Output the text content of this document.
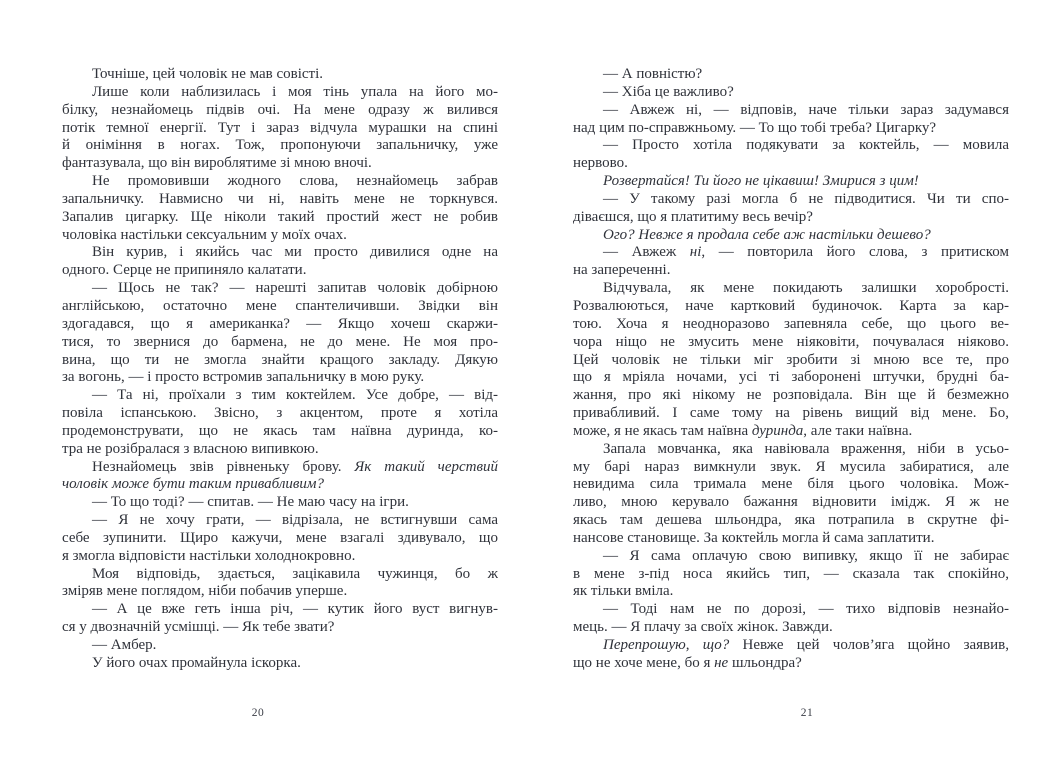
Точніше, цей чоловік не мав совісті.
Лише коли наблизилась і моя тінь упала на його мо-
білку, незнайомець підвів очі. На мене одразу ж вилився
потік темної енергії. Тут і зараз відчула мурашки на спині
й оніміння в ногах. Тож, пропонуючи запальничку, уже
фантазувала, що він вироблятиме зі мною вночі.
Не промовивши жодного слова, незнайомець забрав
запальничку. Навмисно чи ні, навіть мене не торкнувся.
Запалив цигарку. Ще ніколи такий простий жест не робив
чоловіка настільки сексуальним у моїх очах.
Він курив, і якийсь час ми просто дивилися одне на
одного. Серце не припиняло калатати.
— Щось не так? — нарешті запитав чоловік добірною
англійською, остаточно мене спантеличивши. Звідки він
здогадався, що я американка? — Якщо хочеш скаржи-
тися, то звернися до бармена, не до мене. Не моя про-
вина, що ти не змогла знайти кращого закладу. Дякую
за вогонь, — і просто встромив запальничку в мою руку.
— Та ні, проїхали з тим коктейлем. Усе добре, — від-
повіла іспанською. Звісно, з акцентом, проте я хотіла
продемонструвати, що не якась там наївна дуринда, ко-
тра не розібралася з власною випивкою.
Незнайомець звів рівненьку брову. Як такий черствий
чоловік може бути таким привабливим?
— То що тоді? — спитав. — Не маю часу на ігри.
— Я не хочу грати, — відрізала, не встигнувши сама
себе зупинити. Щиро кажучи, мене взагалі здивувало, що
я змогла відповісти настільки холоднокровно.
Моя відповідь, здається, зацікавила чужинця, бо ж
зміряв мене поглядом, ніби побачив уперше.
— А це вже геть інша річ, — кутик його вуст вигнув-
ся у двозначній усмішці. — Як тебе звати?
— Амбер.
У його очах промайнула іскорка.
— А повністю?
— Хіба це важливо?
— Авжеж ні, — відповів, наче тільки зараз задумався
над цим по-справжньому. — То що тобі треба? Цигарку?
— Просто хотіла подякувати за коктейль, — мовила
нервово.
Розвертайся! Ти його не цікавиш! Змирися з цим!
— У такому разі могла б не підводитися. Чи ти спо-
діваєшся, що я платитиму весь вечір?
Ого? Невже я продала себе аж настільки дешево?
— Авжеж ні, — повторила його слова, з притиском
на запереченні.
Відчувала, як мене покидають залишки хоробрості.
Розвалюються, наче картковий будиночок. Карта за кар-
тою. Хоча я неодноразово запевняла себе, що цього ве-
чора ніщо не змусить мене ніяковіти, почувалася ніяково.
Цей чоловік не тільки міг зробити зі мною все те, про
що я мріяла ночами, усі ті заборонені штучки, брудні ба-
жання, про які нікому не розповідала. Він ще й безмежно
привабливий. І саме тому на рівень вищий від мене. Бо,
може, я не якась там наївна дуринда, але таки наївна.
Запала мовчанка, яка навіювала враження, ніби в усьо-
му барі нараз вимкнули звук. Я мусила забиратися, але
невидима сила тримала мене біля цього чоловіка. Мож-
ливо, мною керувало бажання відновити імідж. Я ж не
якась там дешева шльондра, яка потрапила в скрутне фі-
нансове становище. За коктейль могла й сама заплатити.
— Я сама оплачую свою випивку, якщо її не забирає
в мене з-під носа якийсь тип, — сказала так спокійно,
як тільки вміла.
— Тоді нам не по дорозі, — тихо відповів незнайо-
мець. — Я плачу за своїх жінок. Завжди.
Перепрошую, що? Невже цей чолов’яга щойно заявив,
що не хоче мене, бо я не шльондра?
20	21
